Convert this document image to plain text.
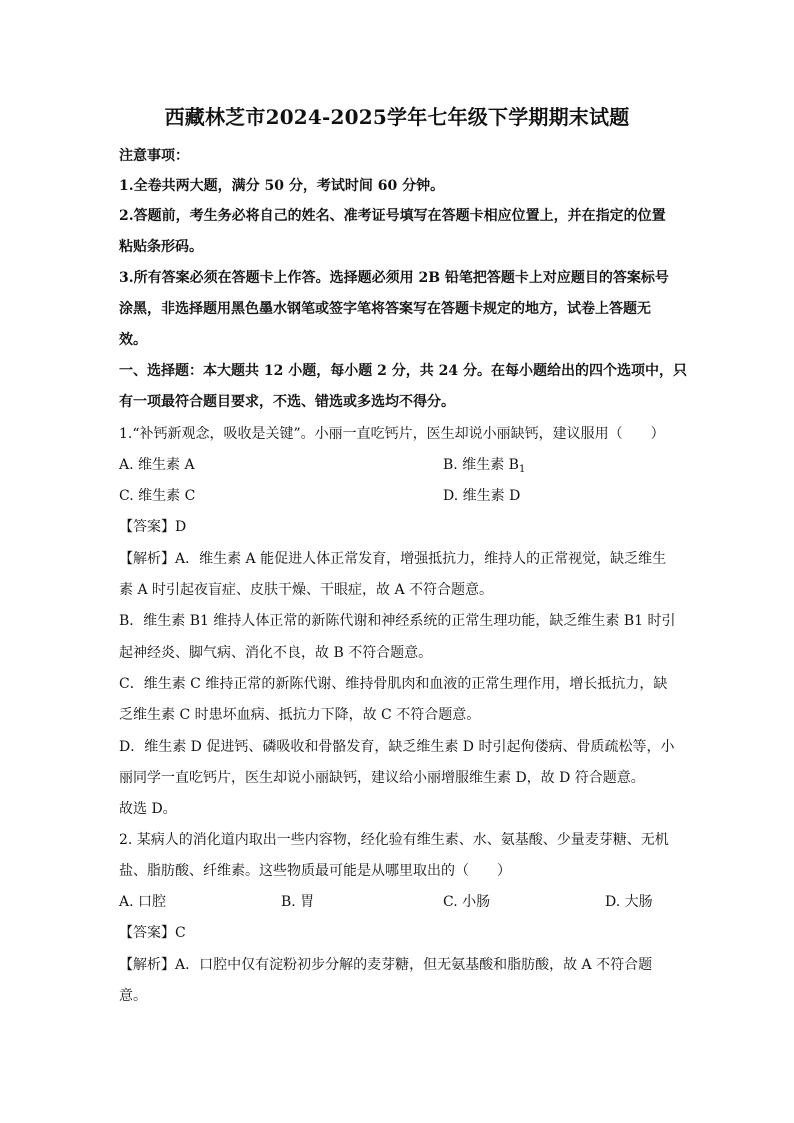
西藏林芝市2024-2025学年七年级下学期期末试题
注意事项：
1.全卷共两大题，满分 50 分，考试时间 60 分钟。
2.答题前，考生务必将自己的姓名、准考证号填写在答题卡相应位置上，并在指定的位置
粘贴条形码。
3.所有答案必须在答题卡上作答。选择题必须用 2B 铅笔把答题卡上对应题目的答案标号
涂黑，非选择题用黑色墨水钢笔或签字笔将答案写在答题卡规定的地方，试卷上答题无
效。
一、选择题：本大题共 12 小题，每小题 2 分，共 24 分。在每小题给出的四个选项中，只
有一项最符合题目要求，不选、错选或多选均不得分。
1.“补钙新观念，吸收是关键”。小丽一直吃钙片，医生却说小丽缺钙，建议服用（　　）
A. 维生素 A	B. 维生素 $B_1$
C. 维生素 C	D. 维生素 D
【答案】D
【解析】A．维生素 A 能促进人体正常发育，增强抵抗力，维持人的正常视觉，缺乏维生
素 A 时引起夜盲症、皮肤干燥、干眼症，故 A 不符合题意。
B．维生素 B1 维持人体正常的新陈代谢和神经系统的正常生理功能，缺乏维生素 B1 时引
起神经炎、脚气病、消化不良，故 B 不符合题意。
C．维生素 C 维持正常的新陈代谢、维持骨肌肉和血液的正常生理作用，增长抵抗力，缺
乏维生素 C 时患坏血病、抵抗力下降，故 C 不符合题意。
D．维生素 D 促进钙、磷吸收和骨骼发育，缺乏维生素 D 时引起佝偻病、骨质疏松等，小
丽同学一直吃钙片，医生却说小丽缺钙，建议给小丽增服维生素 D，故 D 符合题意。
故选 D。
2. 某病人的消化道内取出一些内容物，经化验有维生素、水、氨基酸、少量麦芽糖、无机
盐、脂肪酸、纤维素。这些物质最可能是从哪里取出的（　　）
A. 口腔	B. 胃	C. 小肠	D. 大肠
【答案】C
【解析】A．口腔中仅有淀粉初步分解的麦芽糖，但无氨基酸和脂肪酸，故 A 不符合题
意。
